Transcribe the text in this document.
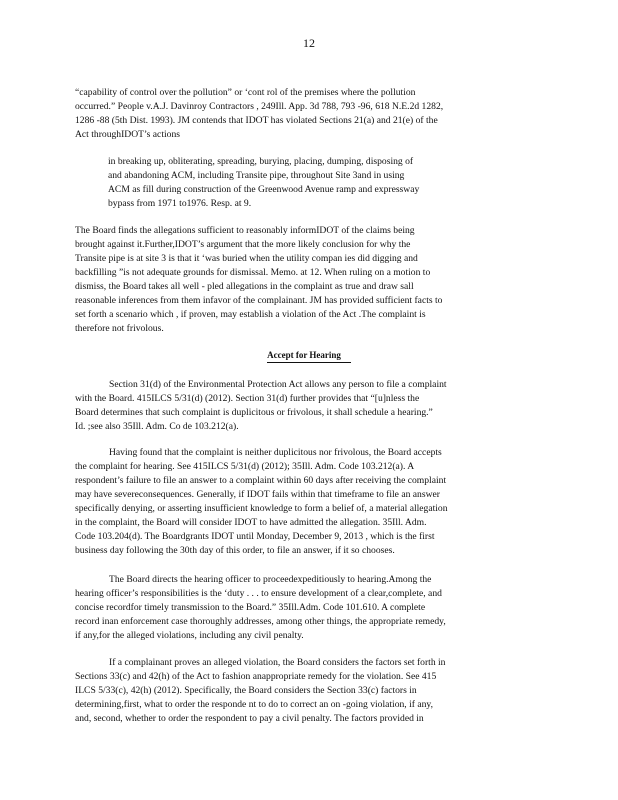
12
“capability of control over the pollution” or ‘cont rol of the premises where the pollution
occurred.” People v.A.J. Davinroy Contractors , 249Ill. App. 3d 788, 793 -96, 618 N.E.2d 1282,
1286 -88 (5th Dist. 1993). JM contends that IDOT has violated Sections 21(a) and 21(e) of the
Act throughIDOT’s actions
in breaking up, obliterating, spreading, burying, placing, dumping, disposing of
and abandoning ACM, including Transite pipe, throughout Site 3and in using
ACM as fill during construction of the Greenwood Avenue ramp and expressway
bypass from 1971 to1976. Resp. at 9.
The Board finds the allegations sufficient to reasonably informIDOT of the claims being
brought against it.Further,IDOT’s argument that the more likely conclusion for why the
Transite pipe is at site 3 is that it ‘was buried when the utility compan ies did digging and
backfilling ”is not adequate grounds for dismissal. Memo. at 12. When ruling on a motion to
dismiss, the Board takes all well - pled allegations in the complaint as true and draw sall
reasonable inferences from them infavor of the complainant. JM has provided sufficient facts to
set forth a scenario which , if proven, may establish a violation of the Act .The complaint is
therefore not frivolous.
Accept for Hearing
Section 31(d) of the Environmental Protection Act allows any person to file a complaint
with the Board. 415ILCS 5/31(d) (2012). Section 31(d) further provides that “[u]nless the
Board determines that such complaint is duplicitous or frivolous, it shall schedule a hearing.”
Id. ;see also 35Ill. Adm. Co de 103.212(a).
Having found that the complaint is neither duplicitous nor frivolous, the Board accepts
the complaint for hearing. See 415ILCS 5/31(d) (2012); 35Ill. Adm. Code 103.212(a). A
respondent’s failure to file an answer to a complaint within 60 days after receiving the complaint
may have severeconsequences. Generally, if IDOT fails within that timeframe to file an answer
specifically denying, or asserting insufficient knowledge to form a belief of, a material allegation
in the complaint, the Board will consider IDOT to have admitted the allegation. 35Ill. Adm.
Code 103.204(d). The Boardgrants IDOT until Monday, December 9, 2013 , which is the first
business day following the 30th day of this order, to file an answer, if it so chooses.
The Board directs the hearing officer to proceedexpeditiously to hearing.Among the
hearing officer’s responsibilities is the ‘duty . . . to ensure development of a clear,complete, and
concise recordfor timely transmission to the Board.” 35Ill.Adm. Code 101.610. A complete
record inan enforcement case thoroughly addresses, among other things, the appropriate remedy,
if any,for the alleged violations, including any civil penalty.
If a complainant proves an alleged violation, the Board considers the factors set forth in
Sections 33(c) and 42(h) of the Act to fashion anappropriate remedy for the violation. See 415
ILCS 5/33(c), 42(h) (2012). Specifically, the Board considers the Section 33(c) factors in
determining,first, what to order the responde nt to do to correct an on -going violation, if any,
and, second, whether to order the respondent to pay a civil penalty. The factors provided in
